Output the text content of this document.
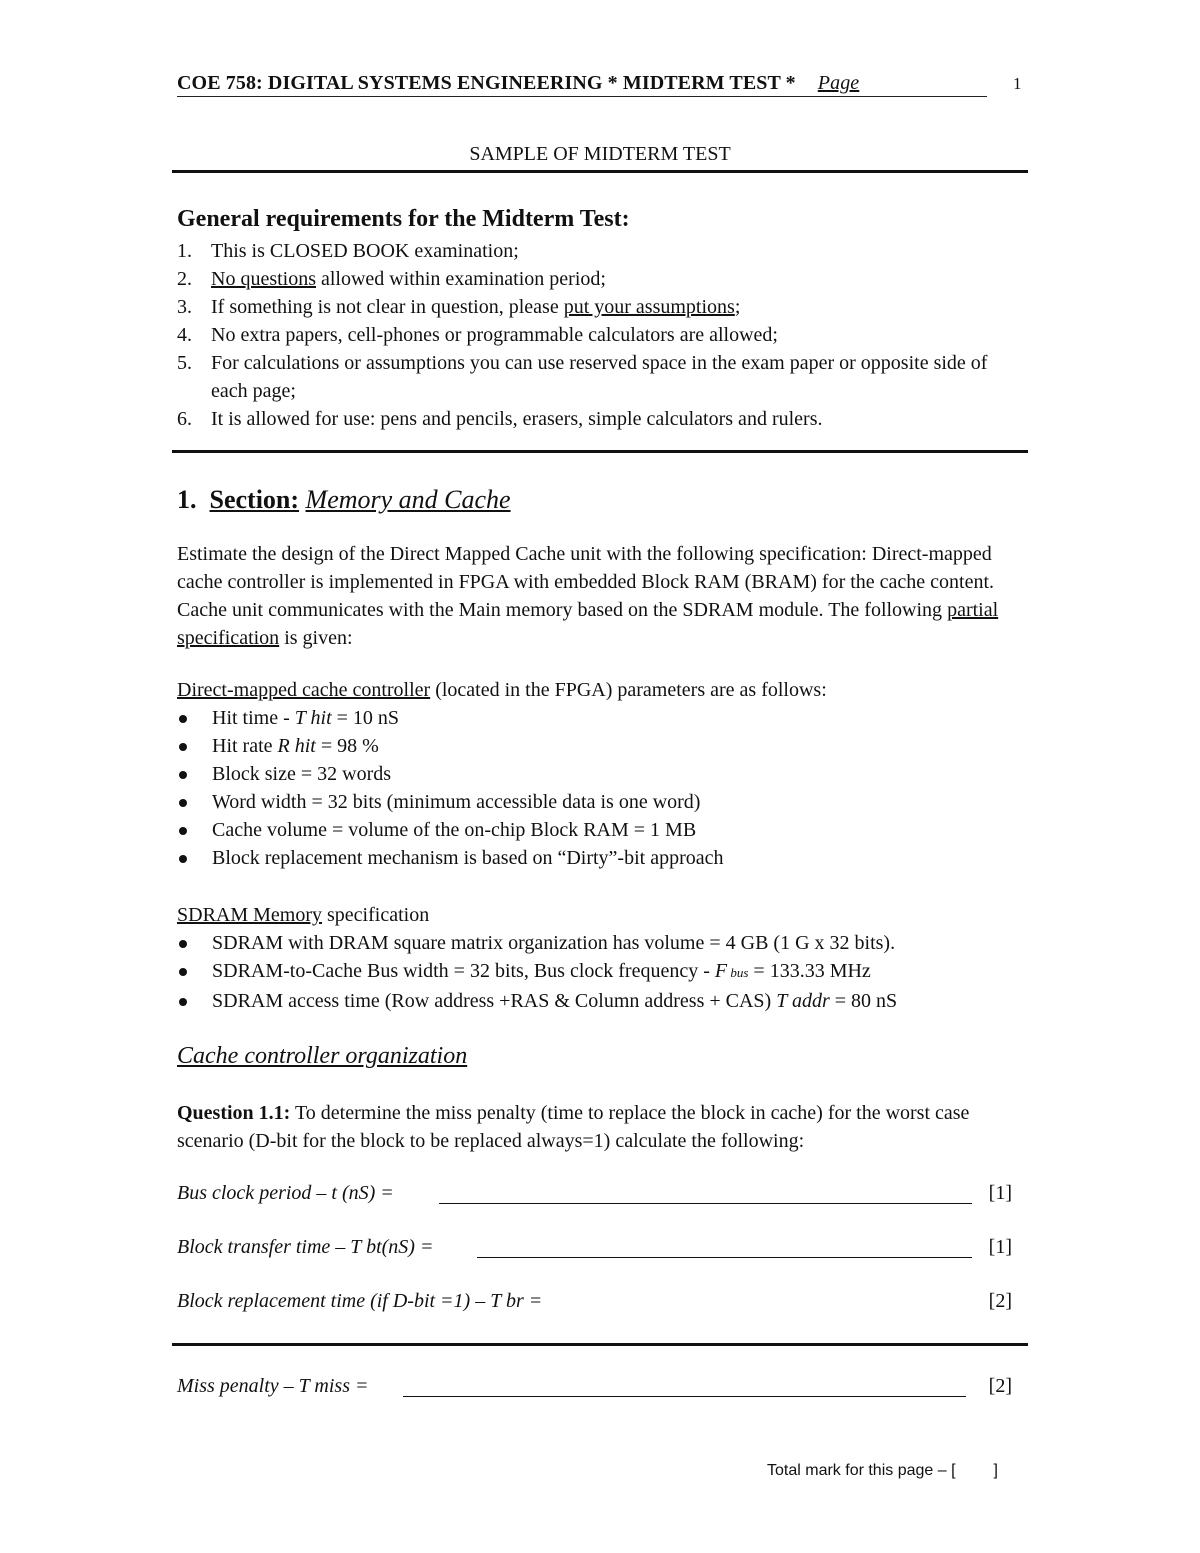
COE 758: DIGITAL SYSTEMS ENGINEERING * MIDTERM TEST * Page	1
SAMPLE OF MIDTERM TEST
General requirements for the Midterm Test:
1. This is CLOSED BOOK examination;
2. No questions allowed within examination period;
3. If something is not clear in question, please put your assumptions;
4. No extra papers, cell-phones or programmable calculators are allowed;
5. For calculations or assumptions you can use reserved space in the exam paper or opposite side of each page;
6. It is allowed for use: pens and pencils, erasers, simple calculators and rulers.
1. Section: Memory and Cache
Estimate the design of the Direct Mapped Cache unit with the following specification: Direct-mapped cache controller is implemented in FPGA with embedded Block RAM (BRAM) for the cache content. Cache unit communicates with the Main memory based on the SDRAM module. The following partial specification is given:
Direct-mapped cache controller (located in the FPGA) parameters are as follows:
Hit time - T hit = 10 nS
Hit rate R hit = 98 %
Block size = 32 words
Word width = 32 bits (minimum accessible data is one word)
Cache volume = volume of the on-chip Block RAM = 1 MB
Block replacement mechanism is based on “Dirty”-bit approach
SDRAM Memory specification
SDRAM with DRAM square matrix organization has volume = 4 GB (1 G x 32 bits).
SDRAM-to-Cache Bus width = 32 bits, Bus clock frequency - F bus = 133.33 MHz
SDRAM access time (Row address +RAS & Column address + CAS) T addr = 80 nS
Cache controller organization
Question 1.1: To determine the miss penalty (time to replace the block in cache) for the worst case scenario (D-bit for the block to be replaced always=1) calculate the following:
Bus clock period – t (nS) =	[1]
Block transfer time – T bt(nS) =	[1]
Block replacement time (if D-bit =1) – T br =	[2]
Miss penalty – T miss =	[2]
Total mark for this page – [ ]
